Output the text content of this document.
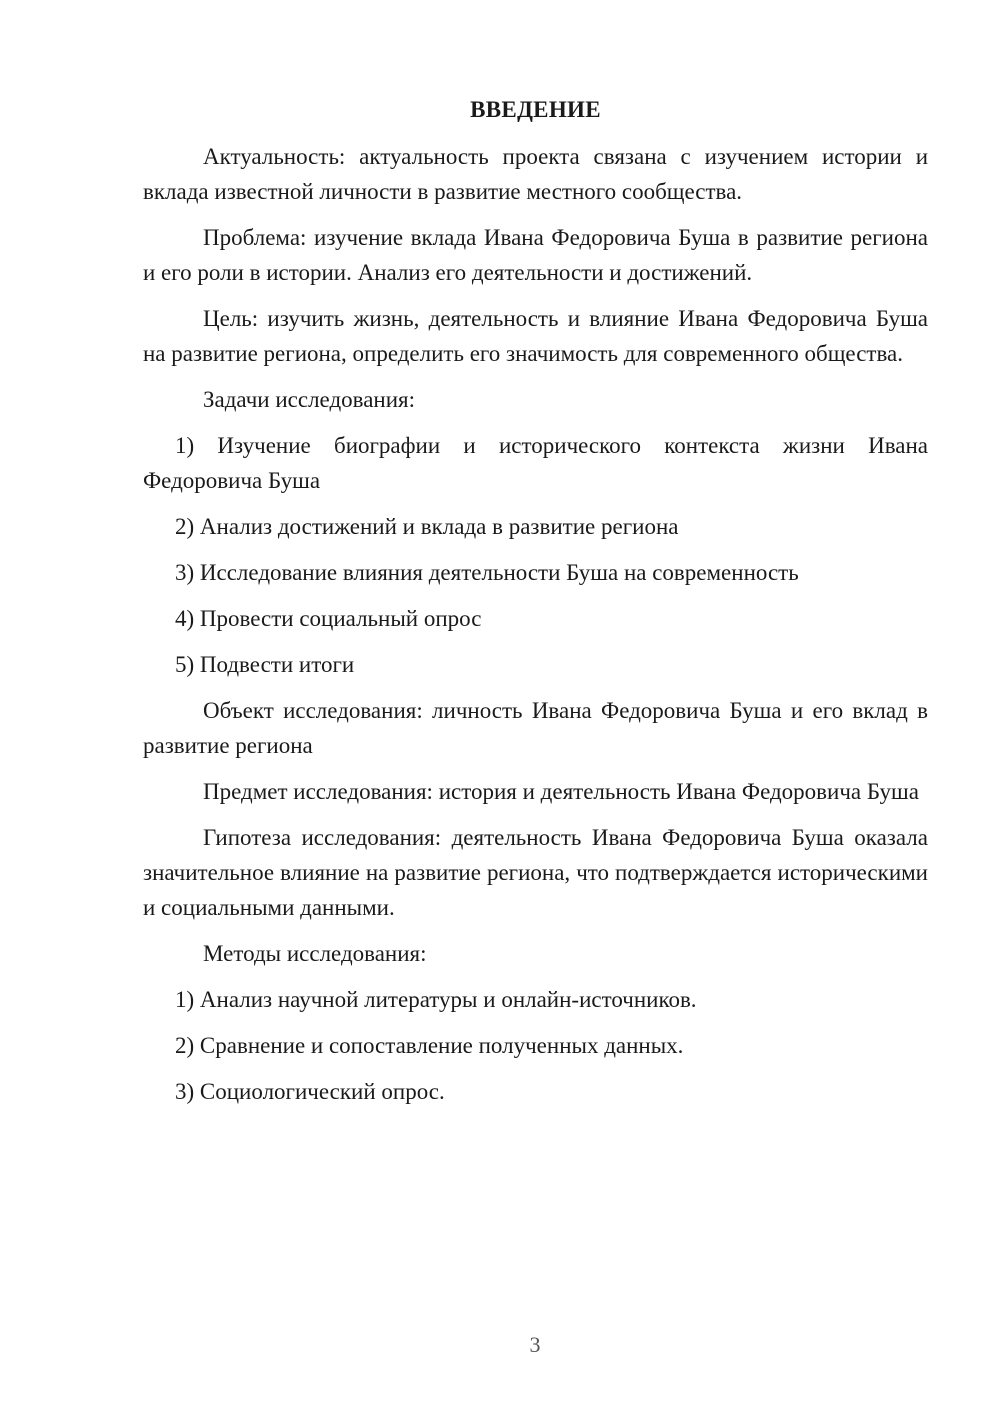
ВВЕДЕНИЕ

Актуальность: актуальность проекта связана с изучением истории и вклада известной личности в развитие местного сообщества.

Проблема: изучение вклада Ивана Федоровича Буша в развитие региона и его роли в истории. Анализ его деятельности и достижений.

Цель: изучить жизнь, деятельность и влияние Ивана Федоровича Буша на развитие региона, определить его значимость для современного общества.

Задачи исследования:

1) Изучение биографии и исторического контекста жизни Ивана Федоровича Буша

2) Анализ достижений и вклада в развитие региона

3) Исследование влияния деятельности Буша на современность

4) Провести социальный опрос

5) Подвести итоги

Объект исследования: личность Ивана Федоровича Буша и его вклад в развитие региона

Предмет исследования: история и деятельность Ивана Федоровича Буша

Гипотеза исследования: деятельность Ивана Федоровича Буша оказала значительное влияние на развитие региона, что подтверждается историческими и социальными данными.

Методы исследования:

1) Анализ научной литературы и онлайн-источников.

2) Сравнение и сопоставление полученных данных.

3) Социологический опрос.

3
